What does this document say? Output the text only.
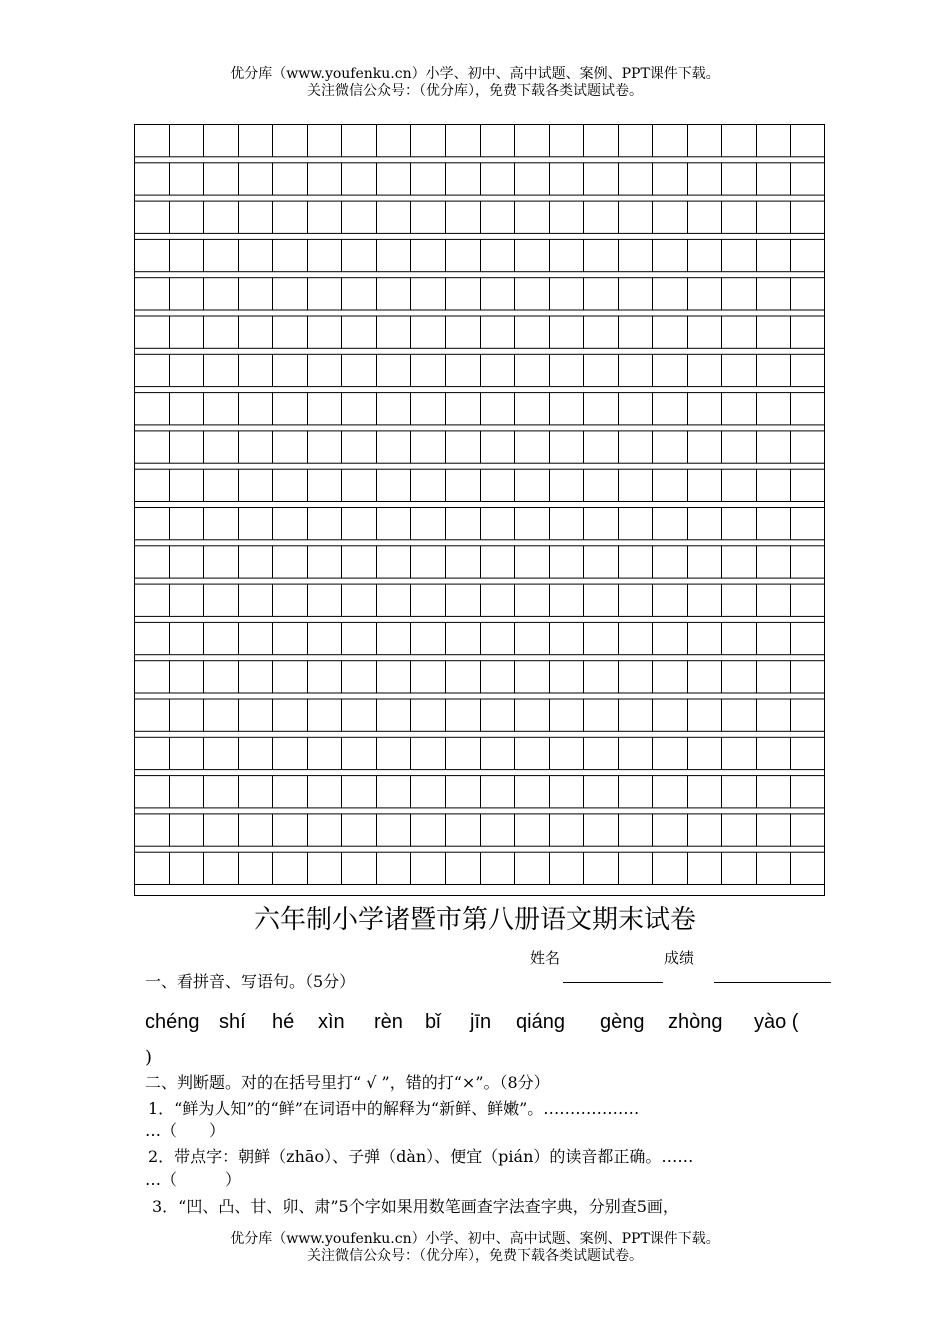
优分库（www.youfenku.cn）小学、初中、高中试题、案例、PPT课件下载。
关注微信公众号：（优分库），免费下载各类试题试卷。
六年制小学诸暨市第八册语文期末试卷
姓名	成绩
一、看拼音、写语句。（5分）
chéng shí hé xìn rèn bǐ jīn qiáng gèng zhòng yào (
)
二、判断题。对的在括号里打“ √ ”，错的打“×”。（8分）
1．“鲜为人知”的“鲜”在词语中的解释为“新鲜、鲜嫩”。………………
…（　　）
2．带点字：朝鲜（zhāo）、子弹（dàn）、便宜（pián）的读音都正确。……
…（　　　）
3．“凹、凸、甘、卯、肃”5个字如果用数笔画查字法查字典，分别查5画，
优分库（www.youfenku.cn）小学、初中、高中试题、案例、PPT课件下载。
关注微信公众号：（优分库），免费下载各类试题试卷。
